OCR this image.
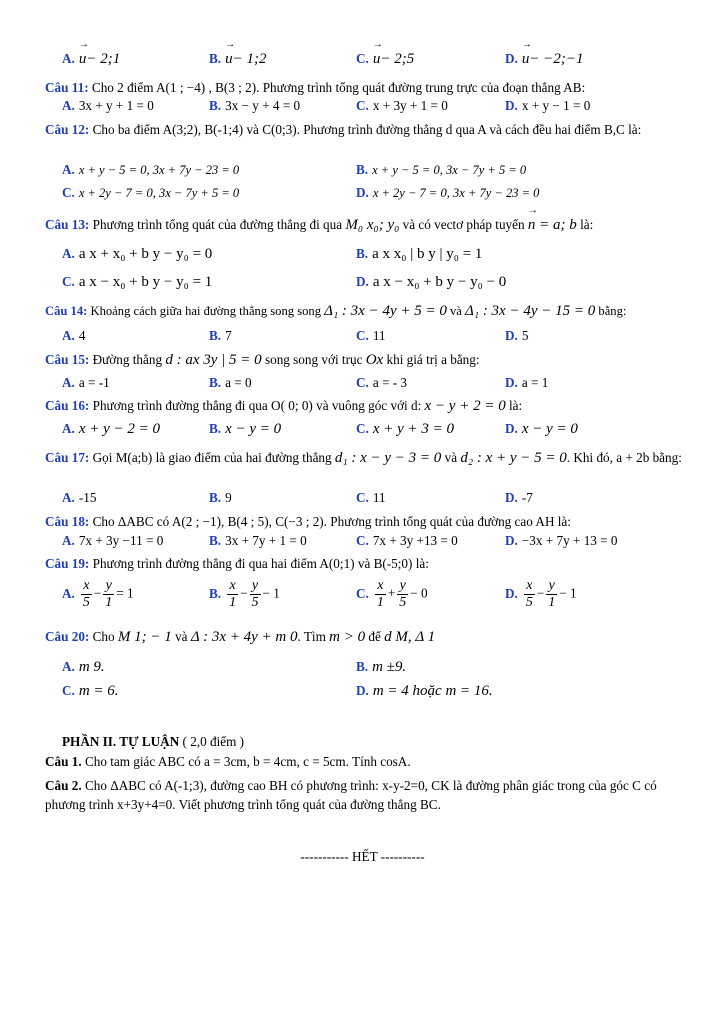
A. → u− 2;1	B. → u− 1;2	C. → u− 2;5	D. → u− −2;−1
Câu 11: Cho 2 điểm A(1 ; −4) , B(3 ; 2). Phương trình tổng quát đường trung trực của đoạn thẳng AB:
A. 3x + y + 1 = 0	B. 3x − y + 4 = 0	C. x + 3y + 1 = 0	D. x + y − 1 = 0
Câu 12: Cho ba điểm A(3;2), B(-1;4) và C(0;3). Phương trình đường thẳng d qua A và cách đều hai điểm B,C là:
A. x + y − 5 = 0, 3x + 7y − 23 = 0	B. x + y − 5 = 0, 3x − 7y + 5 = 0
C. x + 2y − 7 = 0, 3x − 7y + 5 = 0	D. x + 2y − 7 = 0, 3x + 7y − 23 = 0
Câu 13: Phương trình tổng quát của đường thẳng đi qua M₀ x₀; y₀ và có vectơ pháp tuyến → n = a; b là:
A. a x + x₀ + b y − y₀ = 0	B. a x x₀ | b y | y₀ = 1
C. a x − x₀ + b y − y₀ = 1	D. a x − x₀ + b y − y₀ − 0
Câu 14: Khoảng cách giữa hai đường thẳng song song Δ₁ : 3x − 4y + 5 = 0 và Δ₁ : 3x − 4y − 15 = 0 bằng:
A. 4	B. 7	C. 11	D. 5
Câu 15: Đường thẳng d : ax 3y | 5 = 0 song song với trục Ox khi giá trị a bằng:
A. a = -1	B. a = 0	C. a = - 3	D. a = 1
Câu 16: Phương trình đường thẳng đi qua O( 0; 0) và vuông góc với d: x − y + 2 = 0 là:
A. x + y − 2 = 0	B. x − y = 0	C. x + y + 3 = 0	D. x − y = 0
Câu 17: Gọi M(a;b) là giao điểm của hai đường thẳng d₁ : x − y − 3 = 0 và d₂ : x + y − 5 = 0. Khi đó, a + 2b bằng:
A. -15	B. 9	C. 11	D. -7
Câu 18: Cho ΔABC có A(2 ; −1), B(4 ; 5), C(−3 ; 2). Phương trình tổng quát của đường cao AH là:
A. 7x + 3y −11 = 0	B. 3x + 7y + 1 = 0	C. 7x + 3y +13 = 0	D. −3x + 7y + 13 = 0
Câu 19: Phương trình đường thẳng đi qua hai điểm A(0;1) và B(-5;0) là:
A. $\frac{x}{5} - \frac{y}{1} = 1$	B. $\frac{x}{1} - \frac{y}{5} - 1$	C. $\frac{x}{1} + \frac{y}{5} - 0$	D. $\frac{x}{5} - \frac{y}{1} - 1$
Câu 20: Cho M 1; − 1 và Δ : 3x + 4y + m 0. Tìm m > 0 để d M, Δ 1
A. m 9.	B. m ±9.
C. m = 6.	D. m = 4 hoặc m = 16.
PHẦN II. TỰ LUẬN ( 2,0 điểm )
Câu 1. Cho tam giác ABC có a = 3cm, b = 4cm, c = 5cm. Tính cosA.
Câu 2. Cho ΔABC có A(-1;3), đường cao BH có phương trình: x-y-2=0, CK là đường phân giác trong của góc C có phương trình x+3y+4=0. Viết phương trình tổng quát của đường thẳng BC.
----------- HẾT ----------
